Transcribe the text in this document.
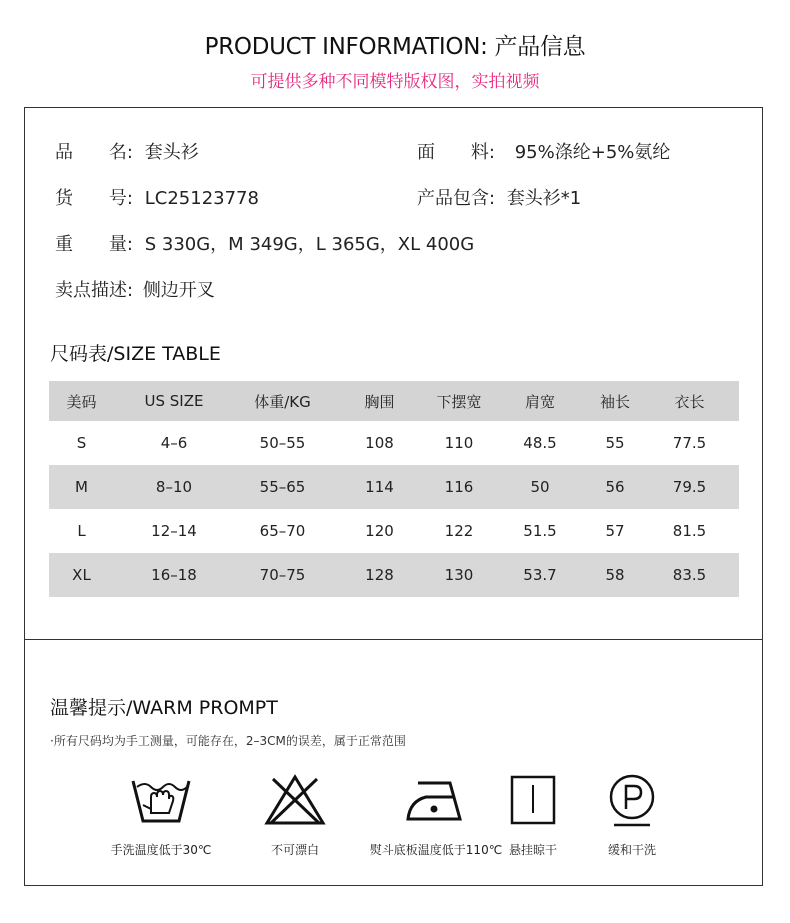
PRODUCT INFORMATION: 产品信息
可提供多种不同模特版权图，实拍视频
品 名: 套头衫	面 料: 95%涤纶+5%氨纶
货 号: LC25123778	产品包含: 套头衫*1
重 量: S 330G，M 349G，L 365G，XL 400G
卖点描述: 侧边开叉
尺码表/SIZE TABLE
美码	US SIZE	体重/KG	胸围	下摆宽	肩宽	袖长	衣长
S	4–6	50–55	108	110	48.5	55	77.5
M	8–10	55–65	114	116	50	56	79.5
L	12–14	65–70	120	122	51.5	57	81.5
XL	16–18	70–75	128	130	53.7	58	83.5
温馨提示/WARM PROMPT
·所有尺码均为手工测量，可能存在，2–3CM的误差，属于正常范围
手洗温度低于30℃	不可漂白	熨斗底板温度低于110℃ 悬挂晾干	缓和干洗
